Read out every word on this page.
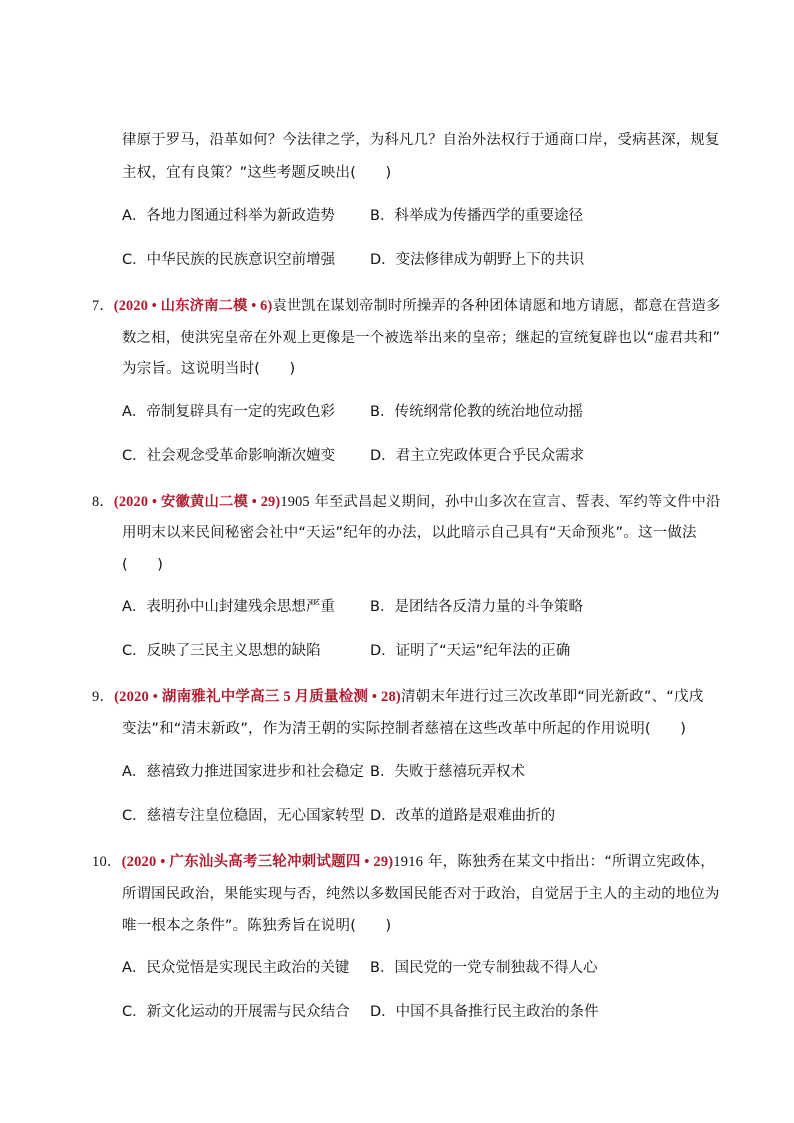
律原于罗马，沿革如何？今法律之学，为科凡几？自治外法权行于通商口岸，受病甚深，规复
主权，宜有良策？”这些考题反映出(　　)
A．各地力图通过科举为新政造势 B．科举成为传播西学的重要途径
C．中华民族的民族意识空前增强 D．变法修律成为朝野上下的共识
7．(2020 • 山东济南二模 • 6)袁世凯在谋划帝制时所操弄的各种团体请愿和地方请愿，都意在营造多
数之相，使洪宪皇帝在外观上更像是一个被选举出来的皇帝；继起的宣统复辟也以“虚君共和”
为宗旨。这说明当时(　　)
A．帝制复辟具有一定的宪政色彩 B．传统纲常伦教的统治地位动摇
C．社会观念受革命影响渐次嬗变 D．君主立宪政体更合乎民众需求
8．(2020 • 安徽黄山二模 • 29)1905 年至武昌起义期间，孙中山多次在宣言、誓表、军约等文件中沿
用明末以来民间秘密会社中“天运”纪年的办法，以此暗示自己具有“天命预兆”。这一做法
(　　)
A．表明孙中山封建残余思想严重 B．是团结各反清力量的斗争策略
C．反映了三民主义思想的缺陷	D．证明了“天运”纪年法的正确
9．(2020 • 湖南雅礼中学高三 5 月质量检测 • 28)清朝末年进行过三次改革即“同光新政”、“戊戌
变法”和“清末新政”，作为清王朝的实际控制者慈禧在这些改革中所起的作用说明(　　)
A．慈禧致力推进国家进步和社会稳定 B．失败于慈禧玩弄权术
C．慈禧专注皇位稳固，无心国家转型 D．改革的道路是艰难曲折的
10．(2020 • 广东汕头高考三轮冲刺试题四 • 29)1916 年，陈独秀在某文中指出：“所谓立宪政体，
所谓国民政治，果能实现与否，纯然以多数国民能否对于政治，自觉居于主人的主动的地位为
唯一根本之条件”。陈独秀旨在说明(　　)
A．民众觉悟是实现民主政治的关键 B．国民党的一党专制独裁不得人心
C．新文化运动的开展需与民众结合 D．中国不具备推行民主政治的条件
